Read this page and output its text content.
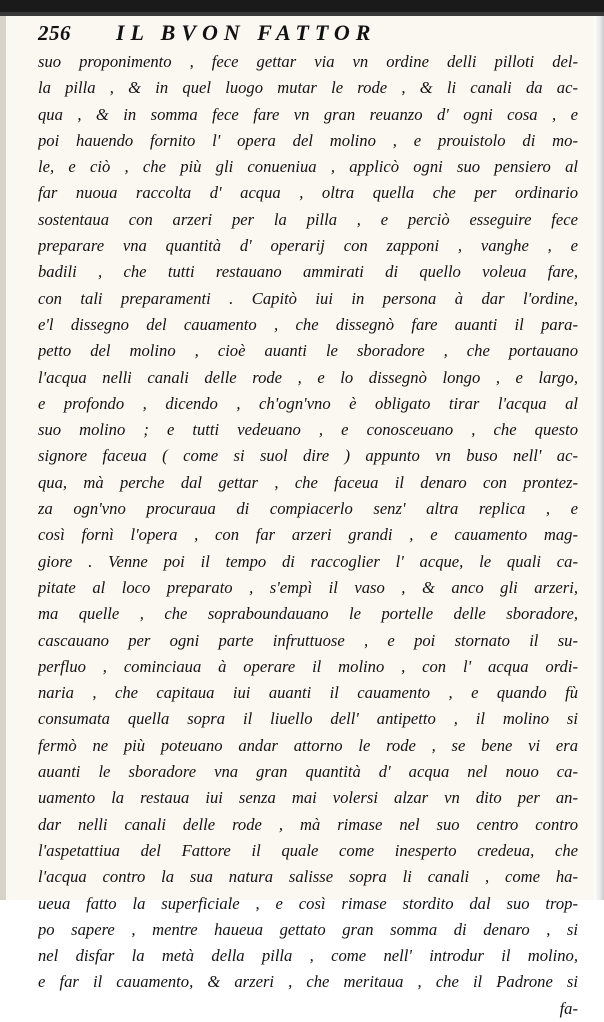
256	IL BVON FATTOR
suo proponimento , fece gettar via vn ordine delli pilloti del-
la pilla , & in quel luogo mutar le rode , & li canali da ac-
qua , & in somma fece fare vn gran reuanzo d' ogni cosa , e
poi hauendo fornito l' opera del molino , e prouistolo di mo-
le, e ciò , che più gli conueniua , applicò ogni suo pensiero al
far nuoua raccolta d' acqua , oltra quella che per ordinario
sostentaua con arzeri per la pilla , e perciò esseguire fece
preparare vna quantità d' operarij con zapponi , vanghe , e
badili , che tutti restauano ammirati di quello voleua fare,
con tali preparamenti . Capitò iui in persona à dar l'ordine,
e'l dissegno del cauamento , che dissegnò fare auanti il para-
petto del molino , cioè auanti le sboradore , che portauano
l'acqua nelli canali delle rode , e lo dissegnò longo , e largo,
e profondo , dicendo , ch'ogn'vno è obligato tirar l'acqua al
suo molino ; e tutti vedeuano , e conosceuano , che questo
signore faceua ( come si suol dire ) appunto vn buso nell' ac-
qua, mà perche dal gettar , che faceua il denaro con prontez-
za ogn'vno procuraua di compiacerlo senz' altra replica , e
così fornì l'opera , con far arzeri grandi , e cauamento mag-
giore . Venne poi il tempo di raccoglier l' acque, le quali ca-
pitate al loco preparato , s'empì il vaso , & anco gli arzeri,
ma quelle , che sopraboundauano le portelle delle sboradore,
cascauano per ogni parte infruttuose , e poi stornato il su-
perfluo , cominciaua à operare il molino , con l' acqua ordi-
naria , che capitaua iui auanti il cauamento , e quando fù
consumata quella sopra il liuello dell' antipetto , il molino si
fermò ne più poteuano andar attorno le rode , se bene vi era
auanti le sboradore vna gran quantità d' acqua nel nouo ca-
uamento la restaua iui senza mai volersi alzar vn dito per an-
dar nelli canali delle rode , mà rimase nel suo centro contro
l'aspetattiua del Fattore il quale come inesperto credeua, che
l'acqua contro la sua natura salisse sopra li canali , come ha-
ueua fatto la superficiale , e così rimase stordito dal suo trop-
po sapere , mentre haueua gettato gran somma di denaro , si
nel disfar la metà della pilla , come nell' introdur il molino,
e far il cauamento, & arzeri , che meritaua , che il Padrone si
fa-
